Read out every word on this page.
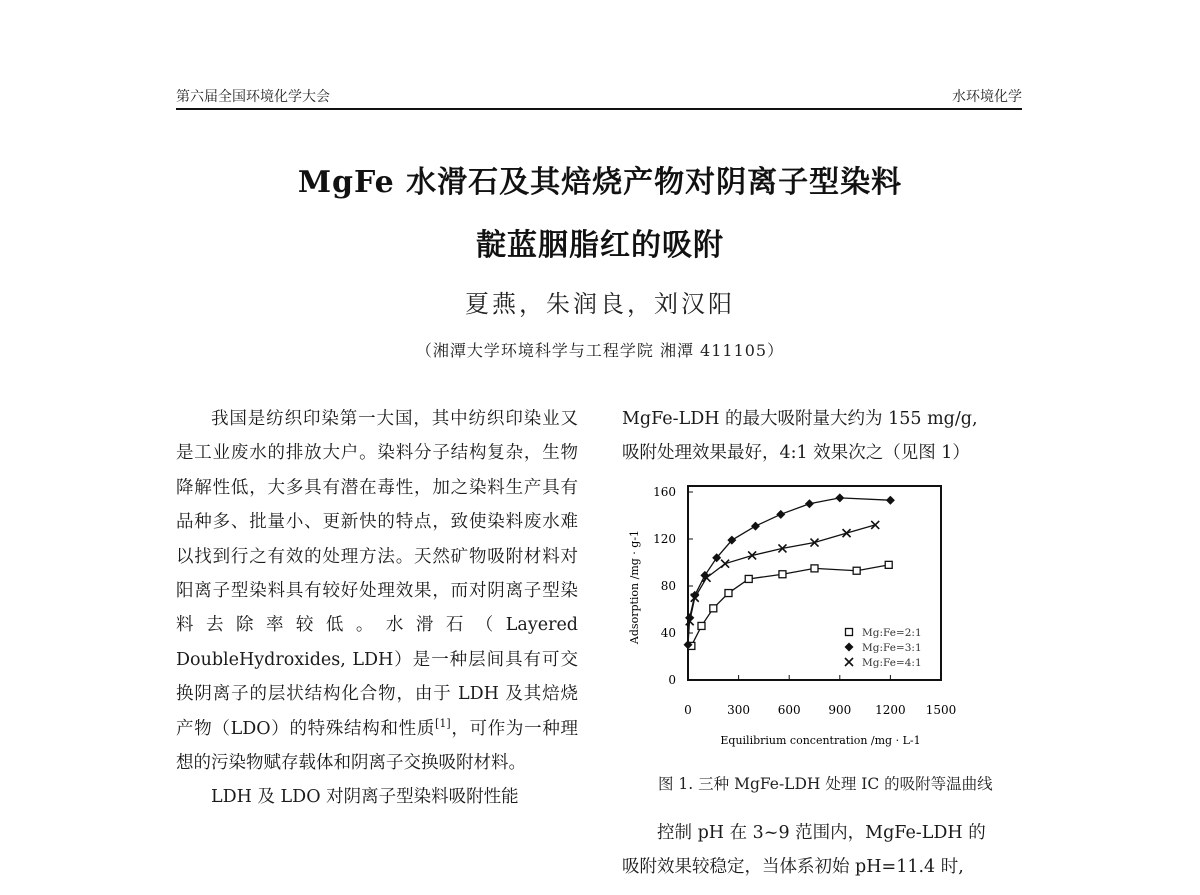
第六届全国环境化学大会	水环境化学
MgFe 水滑石及其焙烧产物对阴离子型染料
靛蓝胭脂红的吸附
夏燕，朱润良，刘汉阳
（湘潭大学环境科学与工程学院 湘潭 411105）

我国是纺织印染第一大国，其中纺织印染业又是工业废水的排放大户。染料分子结构复杂，生物降解性低，大多具有潜在毒性，加之染料生产具有品种多、批量小、更新快的特点，致使染料废水难以找到行之有效的处理方法。天然矿物吸附材料对阳离子型染料具有较好处理效果，而对阴离子型染料去除率较低。水滑石（Layered DoubleHydroxides, LDH）是一种层间具有可交换阴离子的层状结构化合物，由于 LDH 及其焙烧产物（LDO）的特殊结构和性质[1]，可作为一种理想的污染物赋存载体和阴离子交换吸附材料。

LDH 及 LDO 对阴离子型染料吸附性能

MgFe-LDH 的最大吸附量大约为 155 mg/g,

吸附处理效果最好，4:1 效果次之（见图 1）

0	300 600 900 1200 1500
0
40
80
120
160
Equilibrium concentration /mg · L-1
Adsorption /mg · g-1	Mg:Fe=2:1
Mg:Fe=3:1
Mg:Fe=4:1
图 1. 三种 MgFe-LDH 处理 IC 的吸附等温曲线

控制 pH 在 3~9 范围内，MgFe-LDH 的

吸附效果较稳定，当体系初始 pH=11.4 时,
